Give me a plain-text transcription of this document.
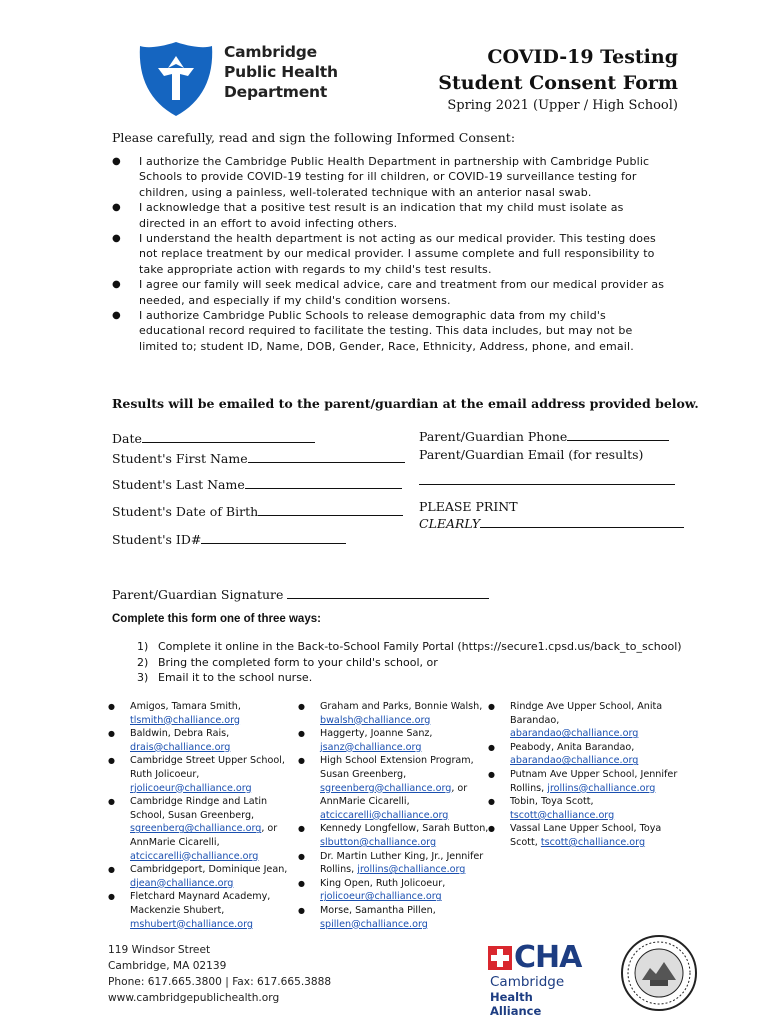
Cambridge
Public Health
Department
COVID-19 Testing
Student Consent Form
Spring 2021 (Upper / High School)
Please carefully, read and sign the following Informed Consent:
● I authorize the Cambridge Public Health Department in partnership with Cambridge Public Schools to provide COVID-19 testing for ill children, or COVID-19 surveillance testing for children, using a painless, well-tolerated technique with an anterior nasal swab.
● I acknowledge that a positive test result is an indication that my child must isolate as directed in an effort to avoid infecting others.
● I understand the health department is not acting as our medical provider. This testing does not replace treatment by our medical provider. I assume complete and full responsibility to take appropriate action with regards to my child's test results.
● I agree our family will seek medical advice, care and treatment from our medical provider as needed, and especially if my child's condition worsens.
● I authorize Cambridge Public Schools to release demographic data from my child's educational record required to facilitate the testing. This data includes, but may not be limited to; student ID, Name, DOB, Gender, Race, Ethnicity, Address, phone, and email.
Results will be emailed to the parent/guardian at the email address provided below.
Date
Student's First Name
Student's Last Name
Student's Date of Birth
Student's ID#
Parent/Guardian Phone
Parent/Guardian Email (for results)
PLEASE PRINT
CLEARLY
Parent/Guardian Signature
Complete this form one of three ways:
1) Complete it online in the Back-to-School Family Portal (https://secure1.cpsd.us/back_to_school)
2) Bring the completed form to your child's school, or
3) Email it to the school nurse.
● Amigos, Tamara Smith, tlsmith@challiance.org
● Baldwin, Debra Rais, drais@challiance.org
● Cambridge Street Upper School, Ruth Jolicoeur, rjolicoeur@challiance.org
● Cambridge Rindge and Latin School, Susan Greenberg, sgreenberg@challiance.org, or AnnMarie Cicarelli, atciccarelli@challiance.org
● Cambridgeport, Dominique Jean, djean@challiance.org
● Fletchard Maynard Academy, Mackenzie Shubert, mshubert@challiance.org
● Graham and Parks, Bonnie Walsh, bwalsh@challiance.org
● Haggerty, Joanne Sanz, jsanz@challiance.org
● High School Extension Program, Susan Greenberg, sgreenberg@challiance.org, or AnnMarie Cicarelli, atciccarelli@challiance.org
● Kennedy Longfellow, Sarah Button, slbutton@challiance.org
● Dr. Martin Luther King, Jr., Jennifer Rollins, jrollins@challiance.org
● King Open, Ruth Jolicoeur, rjolicoeur@challiance.org
● Morse, Samantha Pillen, spillen@challiance.org
● Rindge Ave Upper School, Anita Barandao, abarandao@challiance.org
● Peabody, Anita Barandao, abarandao@challiance.org
● Putnam Ave Upper School, Jennifer Rollins, jrollins@challiance.org
● Tobin, Toya Scott, tscott@challiance.org
● Vassal Lane Upper School, Toya Scott, tscott@challiance.org
119 Windsor Street
Cambridge, MA 02139
Phone: 617.665.3800 | Fax: 617.665.3888
www.cambridgepublichealth.org
CHA
Cambridge
Health Alliance
